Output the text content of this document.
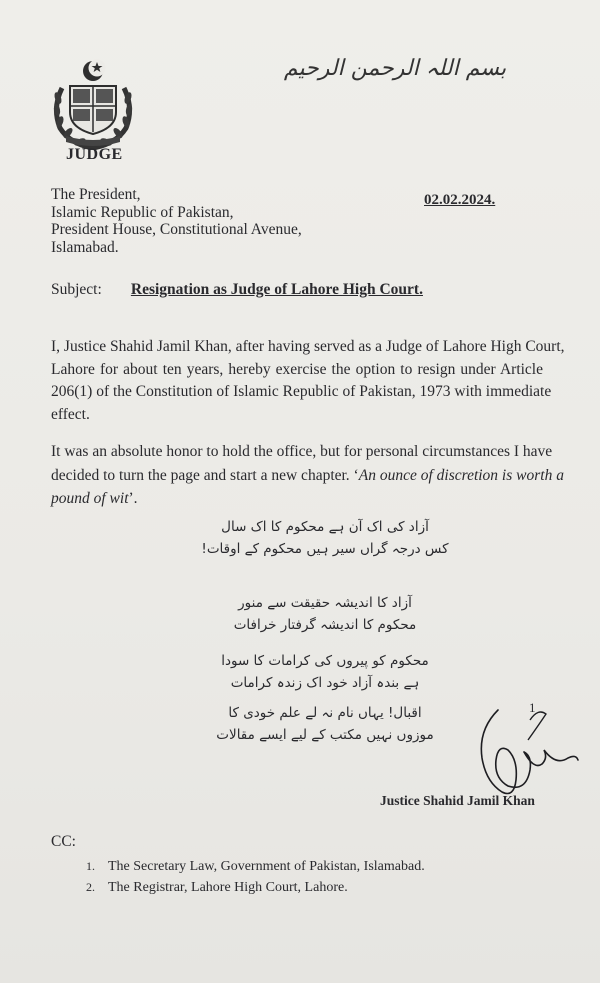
JUDGE
بسم اللہ الرحمن الرحیم
The President,
Islamic Republic of Pakistan,
President House, Constitutional Avenue,
Islamabad.
02.02.2024.
Subject: Resignation as Judge of Lahore High Court.
I, Justice Shahid Jamil Khan, after having served as a Judge of Lahore High Court,
Lahore for about ten years, hereby exercise the option to resign under Article
206(1) of the Constitution of Islamic Republic of Pakistan, 1973 with immediate
effect.
It was an absolute honor to hold the office, but for personal circumstances I have
decided to turn the page and start a new chapter. ‘An ounce of discretion is worth a
pound of wit’.
آزاد کی اک آن ہے محکوم کا اک سال
کس درجہ گراں سیر ہیں محکوم کے اوقات!
آزاد کا اندیشہ حقیقت سے منور
محکوم کا اندیشہ گرفتار خرافات
محکوم کو پیروں کی کرامات کا سودا
ہے بندہ آزاد خود اک زندہ کرامات
اقبال! یہاں نام نہ لے علم خودی کا
موزوں نہیں مکتب کے لیے ایسے مقالات
1
Justice Shahid Jamil Khan
CC:
1. The Secretary Law, Government of Pakistan, Islamabad.
2. The Registrar, Lahore High Court, Lahore.
